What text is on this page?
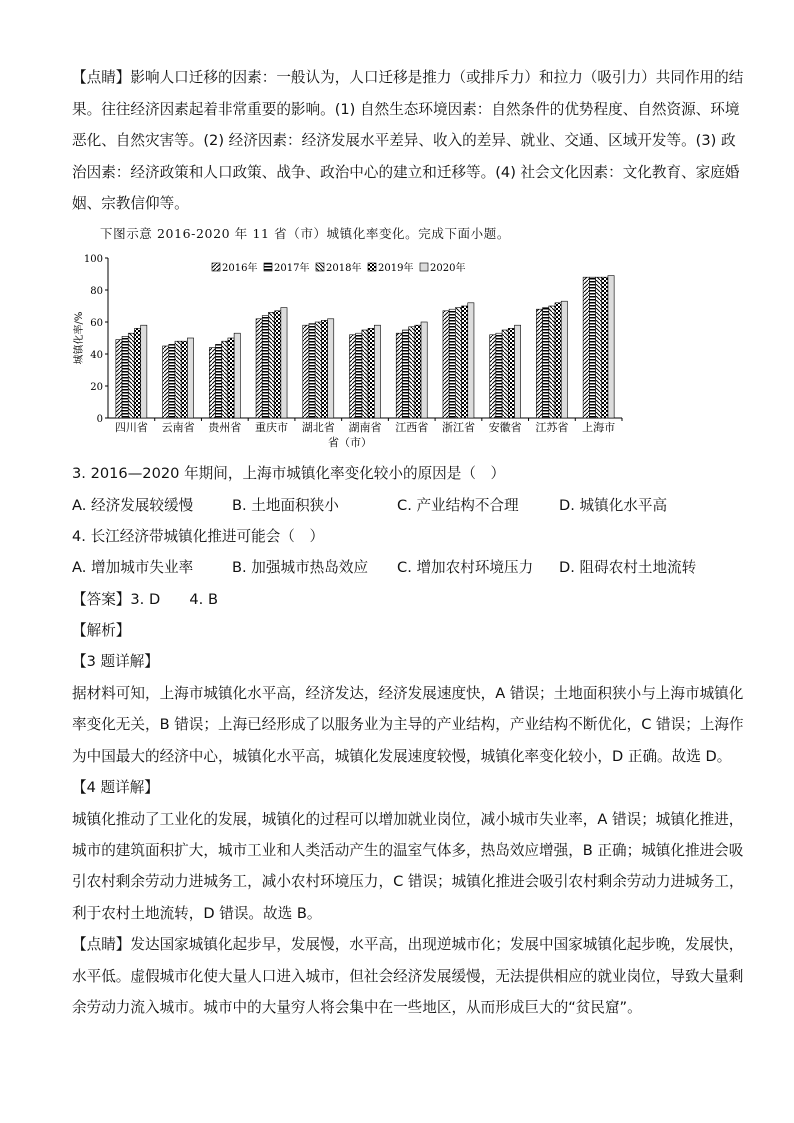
【点睛】影响人口迁移的因素：一般认为，人口迁移是推力（或排斥力）和拉力（吸引力）共同作用的结
果。往往经济因素起着非常重要的影响。(1) 自然生态环境因素：自然条件的优势程度、自然资源、环境
恶化、自然灾害等。(2) 经济因素：经济发展水平差异、收入的差异、就业、交通、区域开发等。(3) 政
治因素：经济政策和人口政策、战争、政治中心的建立和迁移等。(4) 社会文化因素：文化教育、家庭婚
姻、宗教信仰等。
下图示意 2016-2020 年 11 省（市）城镇化率变化。完成下面小题。
0
20
40
60
80
100
城镇化率/%
四川省 云南省 贵州省 重庆市 湖北省 湖南省 江西省 浙江省 安徽省 江苏省 上海市
省（市）
2016年 2017年 2018年 2019年 2020年
3. 2016—2020 年期间，上海市城镇化率变化较小的原因是（　）
A. 经济发展较缓慢	B. 土地面积狭小	C. 产业结构不合理	D. 城镇化水平高
4. 长江经济带城镇化推进可能会（　）
A. 增加城市失业率	B. 加强城市热岛效应 C. 增加农村环境压力 D. 阻碍农村土地流转
【答案】3. D　　4. B
【解析】
【3 题详解】
据材料可知，上海市城镇化水平高，经济发达，经济发展速度快，A 错误；土地面积狭小与上海市城镇化
率变化无关，B 错误；上海已经形成了以服务业为主导的产业结构，产业结构不断优化，C 错误；上海作
为中国最大的经济中心，城镇化水平高，城镇化发展速度较慢，城镇化率变化较小，D 正确。故选 D。
【4 题详解】
城镇化推动了工业化的发展，城镇化的过程可以增加就业岗位，减小城市失业率，A 错误；城镇化推进，
城市的建筑面积扩大，城市工业和人类活动产生的温室气体多，热岛效应增强，B 正确；城镇化推进会吸
引农村剩余劳动力进城务工，减小农村环境压力，C 错误；城镇化推进会吸引农村剩余劳动力进城务工，
利于农村土地流转，D 错误。故选 B。
【点睛】发达国家城镇化起步早，发展慢，水平高，出现逆城市化；发展中国家城镇化起步晚，发展快，
水平低。虚假城市化使大量人口进入城市，但社会经济发展缓慢，无法提供相应的就业岗位，导致大量剩
余劳动力流入城市。城市中的大量穷人将会集中在一些地区，从而形成巨大的“贫民窟”。
